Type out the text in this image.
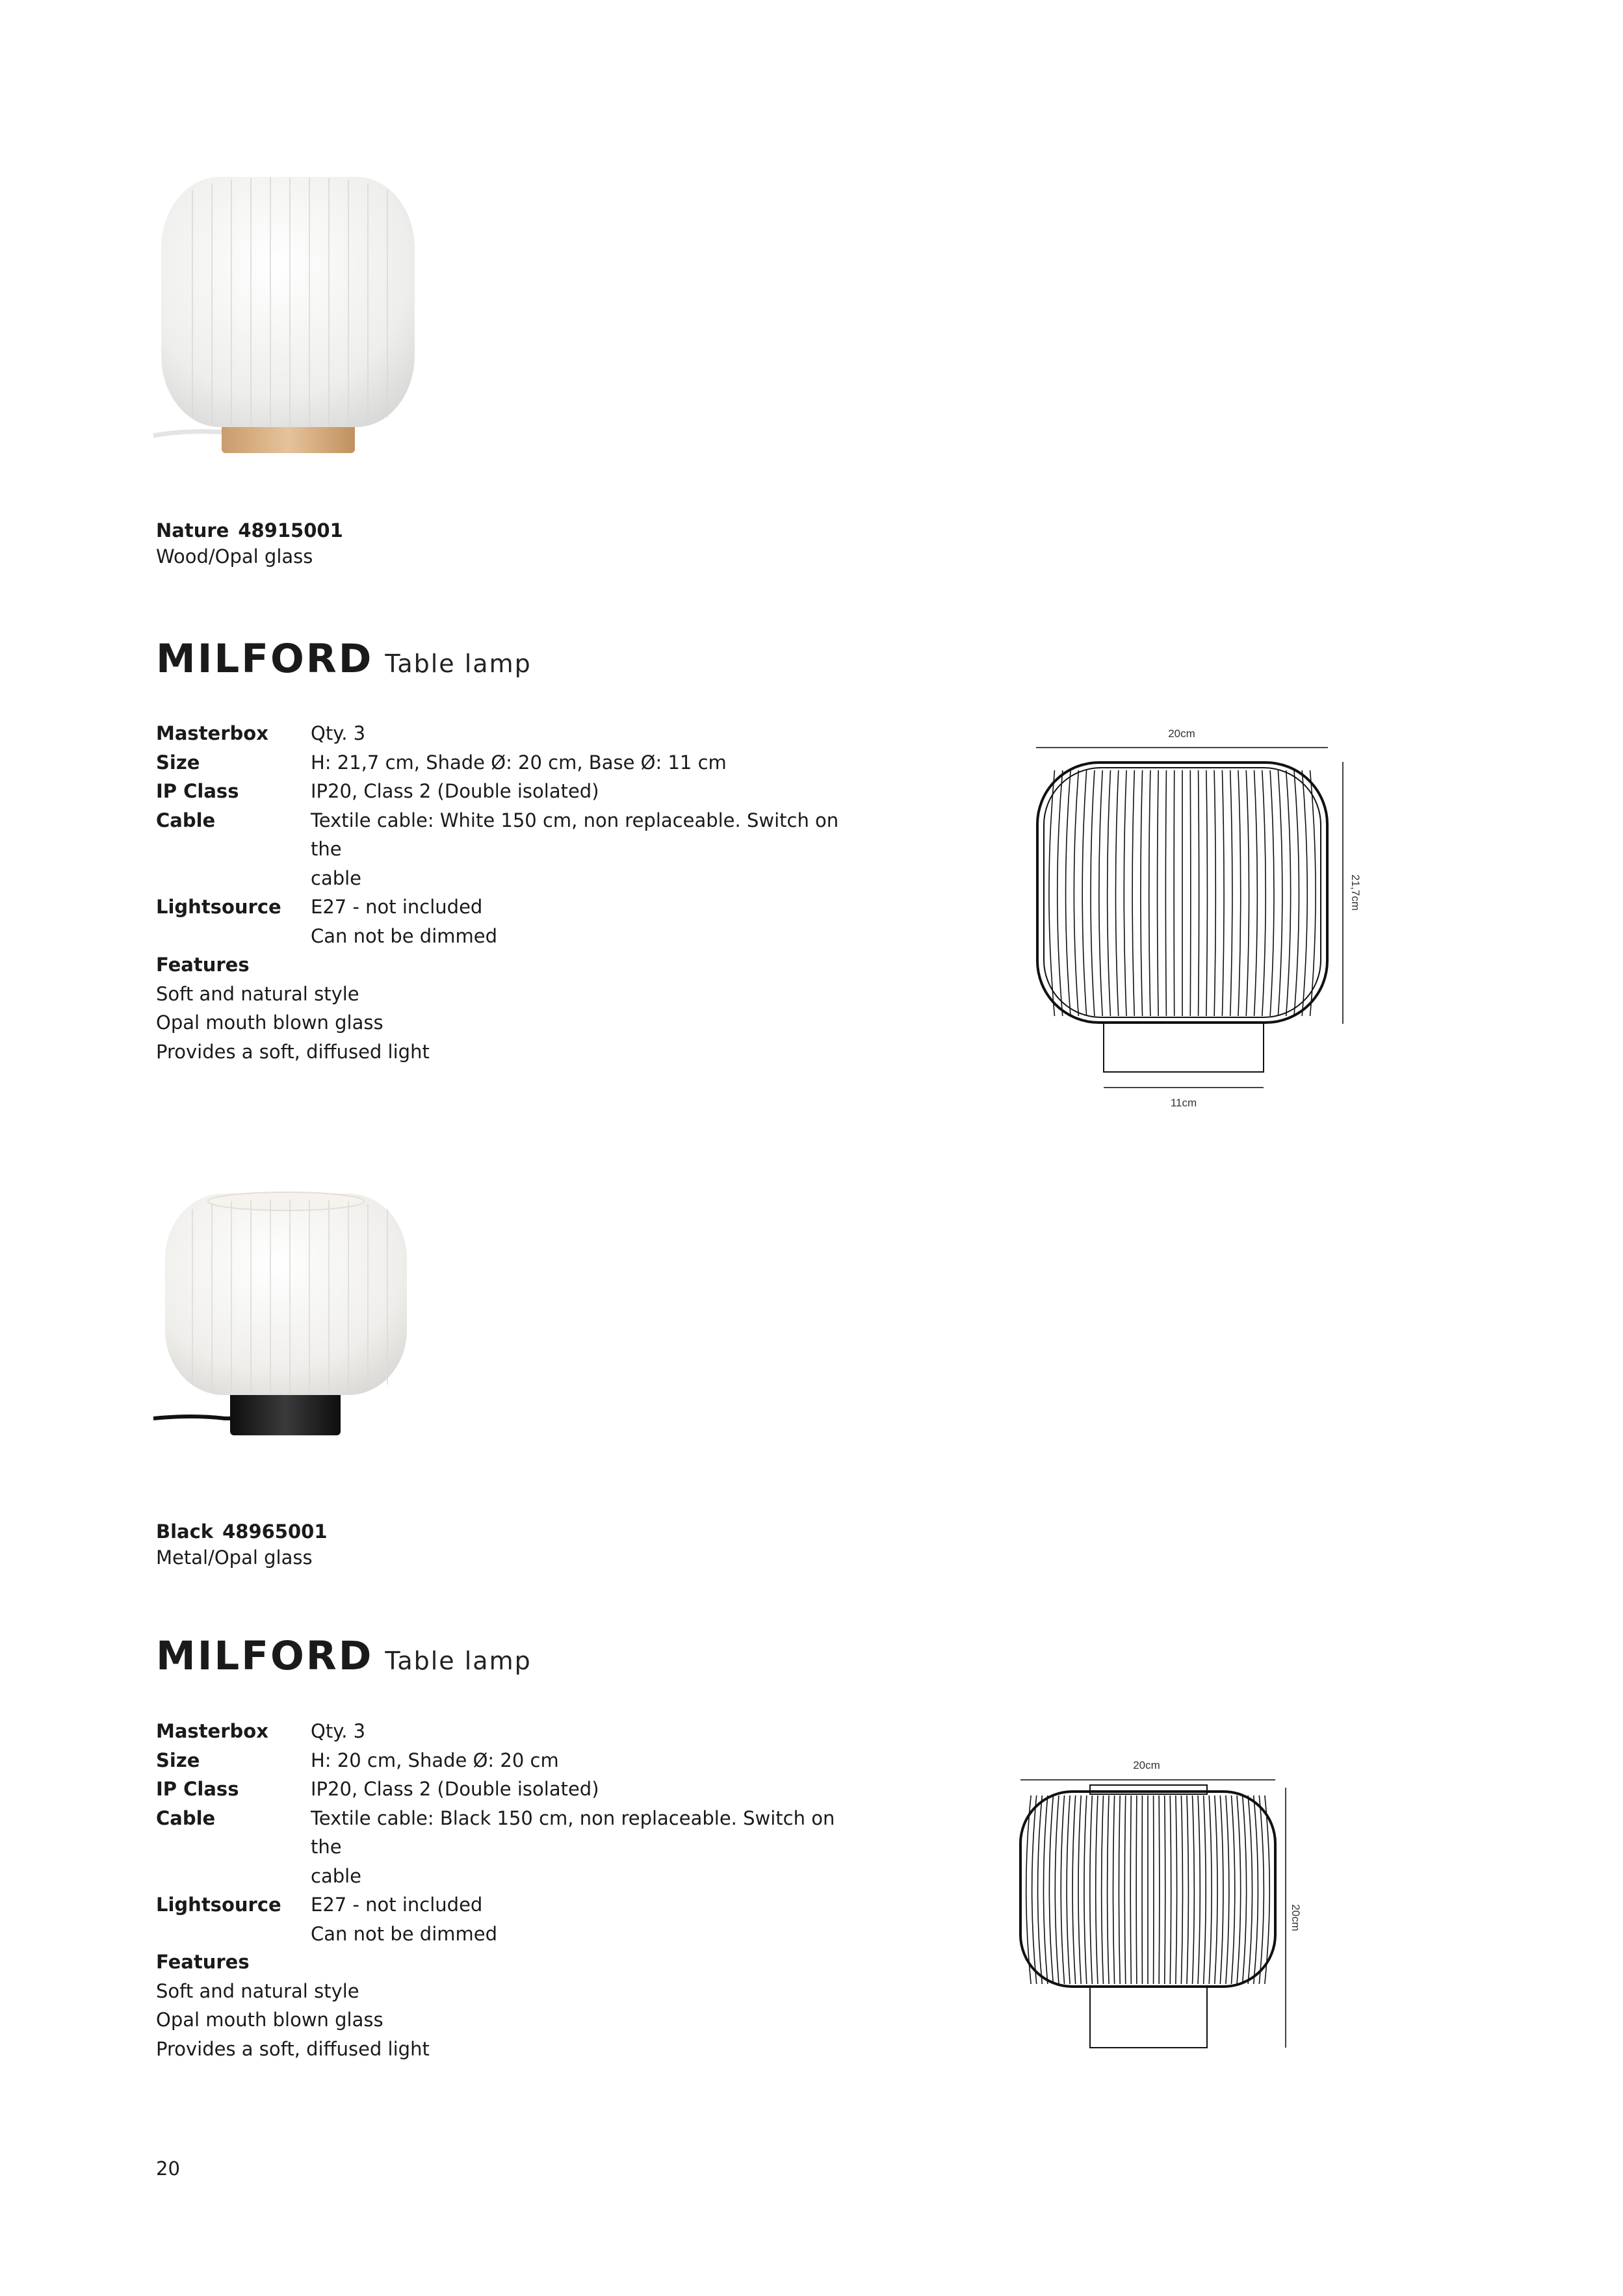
Nature 48915001
Wood/Opal glass
MILFORD Table lamp
Masterbox	Qty. 3
Size	H: 21,7 cm, Shade Ø: 20 cm, Base Ø: 11 cm
IP Class	IP20, Class 2 (Double isolated)
Cable	Textile cable: White 150 cm, non replaceable. Switch on the
cable
Lightsource	E27 - not included
Can not be dimmed
Features
Soft and natural style
Opal mouth blown glass
Provides a soft, diffused light
20cm
21,7cm
11cm
Black 48965001
Metal/Opal glass
MILFORD Table lamp
Masterbox	Qty. 3
Size	H: 20 cm, Shade Ø: 20 cm
IP Class	IP20, Class 2 (Double isolated)
Cable	Textile cable: Black 150 cm, non replaceable. Switch on the
cable
Lightsource	E27 - not included
Can not be dimmed
Features
Soft and natural style
Opal mouth blown glass
Provides a soft, diffused light
20cm
20cm
20
